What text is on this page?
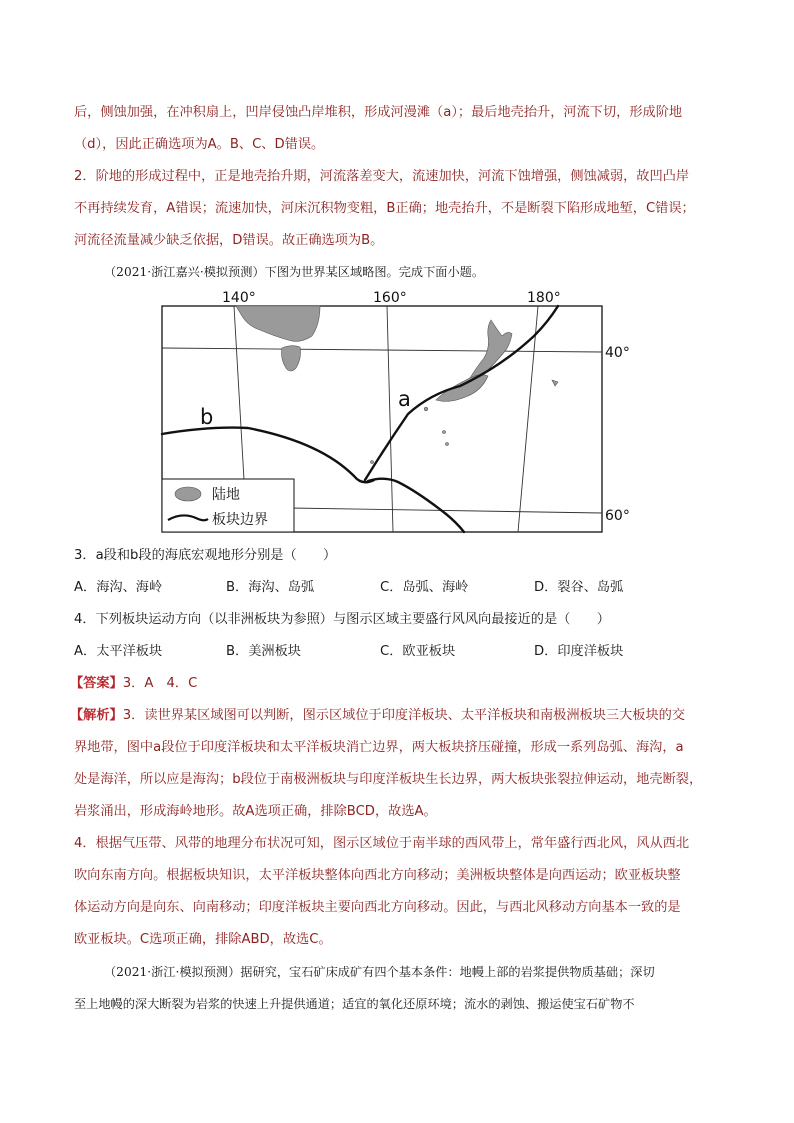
后，侧蚀加强，在冲积扇上，凹岸侵蚀凸岸堆积，形成河漫滩（a）；最后地壳抬升，河流下切，形成阶地
（d），因此正确选项为A。B、C、D错误。
2．阶地的形成过程中，正是地壳抬升期，河流落差变大，流速加快，河流下蚀增强，侧蚀减弱，故凹凸岸
不再持续发育，A错误；流速加快，河床沉积物变粗，B正确；地壳抬升，不是断裂下陷形成地堑，C错误；
河流径流量减少缺乏依据，D错误。故正确选项为B。
（2021·浙江嘉兴·模拟预测）下图为世界某区域略图。完成下面小题。
a
b
140°	160°	180°
40°
60°
陆地
板块边界
3．a段和b段的海底宏观地形分别是（　　）
A．海沟、海岭	B．海沟、岛弧	C．岛弧、海岭	D．裂谷、岛弧
4．下列板块运动方向（以非洲板块为参照）与图示区域主要盛行风风向最接近的是（　　）
A．太平洋板块	B．美洲板块	C．欧亚板块	D．印度洋板块
【答案】3．A　4．C
【解析】3．读世界某区域图可以判断，图示区域位于印度洋板块、太平洋板块和南极洲板块三大板块的交
界地带，图中a段位于印度洋板块和太平洋板块消亡边界，两大板块挤压碰撞，形成一系列岛弧、海沟，a
处是海洋，所以应是海沟；b段位于南极洲板块与印度洋板块生长边界，两大板块张裂拉伸运动，地壳断裂，
岩浆涌出，形成海岭地形。故A选项正确，排除BCD，故选A。
4．根据气压带、风带的地理分布状况可知，图示区域位于南半球的西风带上，常年盛行西北风，风从西北
吹向东南方向。根据板块知识，太平洋板块整体向西北方向移动；美洲板块整体是向西运动；欧亚板块整
体运动方向是向东、向南移动；印度洋板块主要向西北方向移动。因此，与西北风移动方向基本一致的是
欧亚板块。C选项正确，排除ABD，故选C。
（2021·浙江·模拟预测）据研究，宝石矿床成矿有四个基本条件：地幔上部的岩浆提供物质基础；深切
至上地幔的深大断裂为岩浆的快速上升提供通道；适宜的氧化还原环境；流水的剥蚀、搬运使宝石矿物不
